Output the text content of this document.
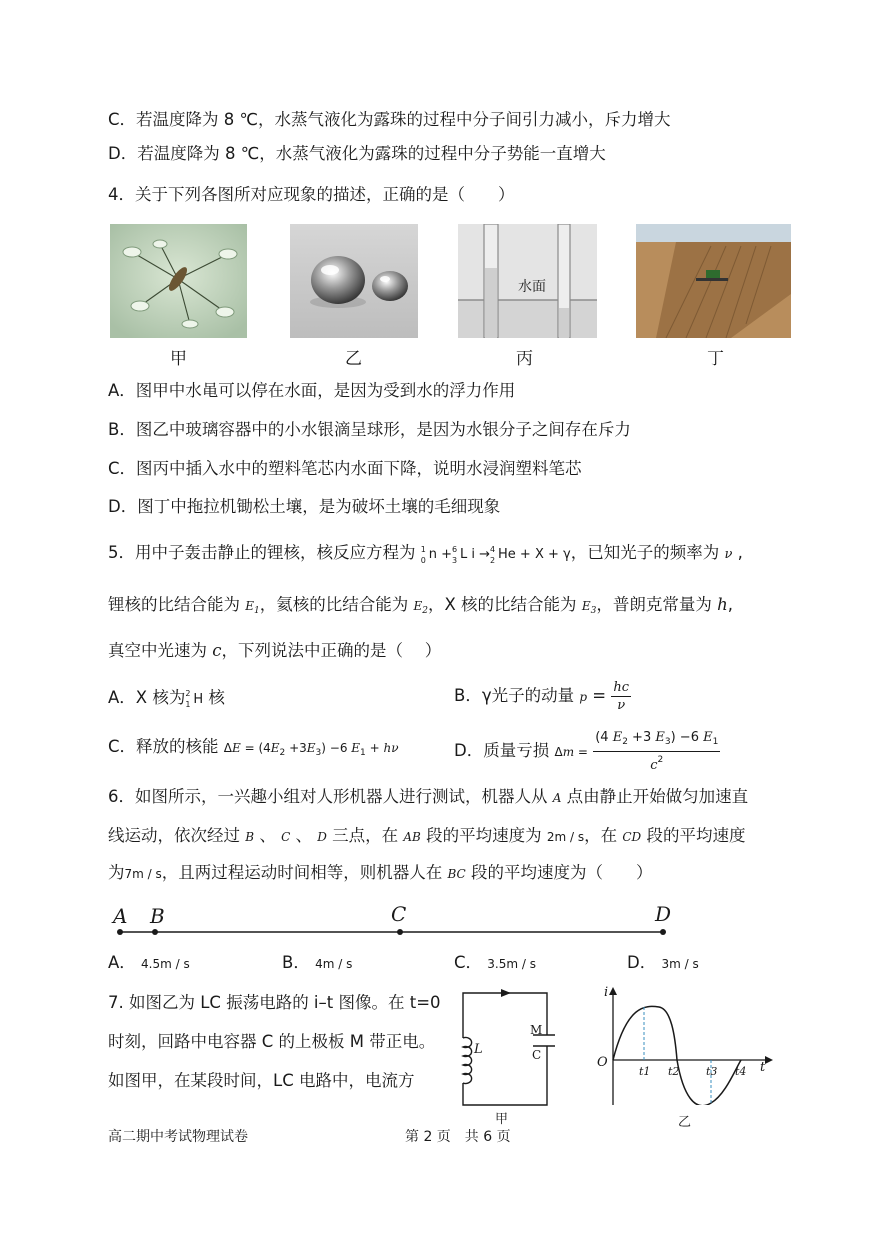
C．若温度降为 8 ℃，水蒸气液化为露珠的过程中分子间引力减小，斥力增大
D．若温度降为 8 ℃，水蒸气液化为露珠的过程中分子势能一直增大
4．关于下列各图所对应现象的描述，正确的是（　　）
水面
甲	乙	丙	丁
A．图甲中水黾可以停在水面，是因为受到水的浮力作用
B．图乙中玻璃容器中的小水银滴呈球形，是因为水银分子之间存在斥力
C．图丙中插入水中的塑料笔芯内水面下降，说明水浸润塑料笔芯
D．图丁中拖拉机锄松土壤，是为破坏土壤的毛细现象
5．用中子轰击静止的锂核，核反应方程为 1
0 n + 6
3 L i → 4
2 He + X + γ，已知光子的频率为 ν ,
锂核的比结合能为 $E_1$，氦核的比结合能为 $E_2$，X 核的比结合能为 $E_3$，普朗克常量为 h,
真空中光速为 c，下列说法中正确的是（　 ）
A．X 核为 2
1 H 核	B．γ光子的动量 $p = \frac{hc}{\nu}$
C．释放的核能 $\Delta E = (4E_2 +3E_3) -6$ $E_1 + h\nu$	D．质量亏损 $\Delta m = \frac{(4 E_2 +3 E_3) -6 E_1}{c^2}$
6．如图所示，一兴趣小组对人形机器人进行测试，机器人从 A 点由静止开始做匀加速直
线运动，依次经过 B 、 C 、 D 三点，在 AB 段的平均速度为 2m / s，在 CD 段的平均速度
为7m / s，且两过程运动时间相等，则机器人在 BC 段的平均速度为（　　）
A B	C	D
A． 4.5m / s	B． 4m / s	C． 3.5m / s	D． 3m / s
7. 如图乙为 LC 振荡电路的 i–t 图像。在 t=0
时刻，回路中电容器 C 的上极板 M 带正电。
如图甲，在某段时间，LC 电路中，电流方
L
M
C
甲
i
t
O
t1 t2 t3 t4
乙
高二期中考试物理试卷	第 2 页　共 6 页
